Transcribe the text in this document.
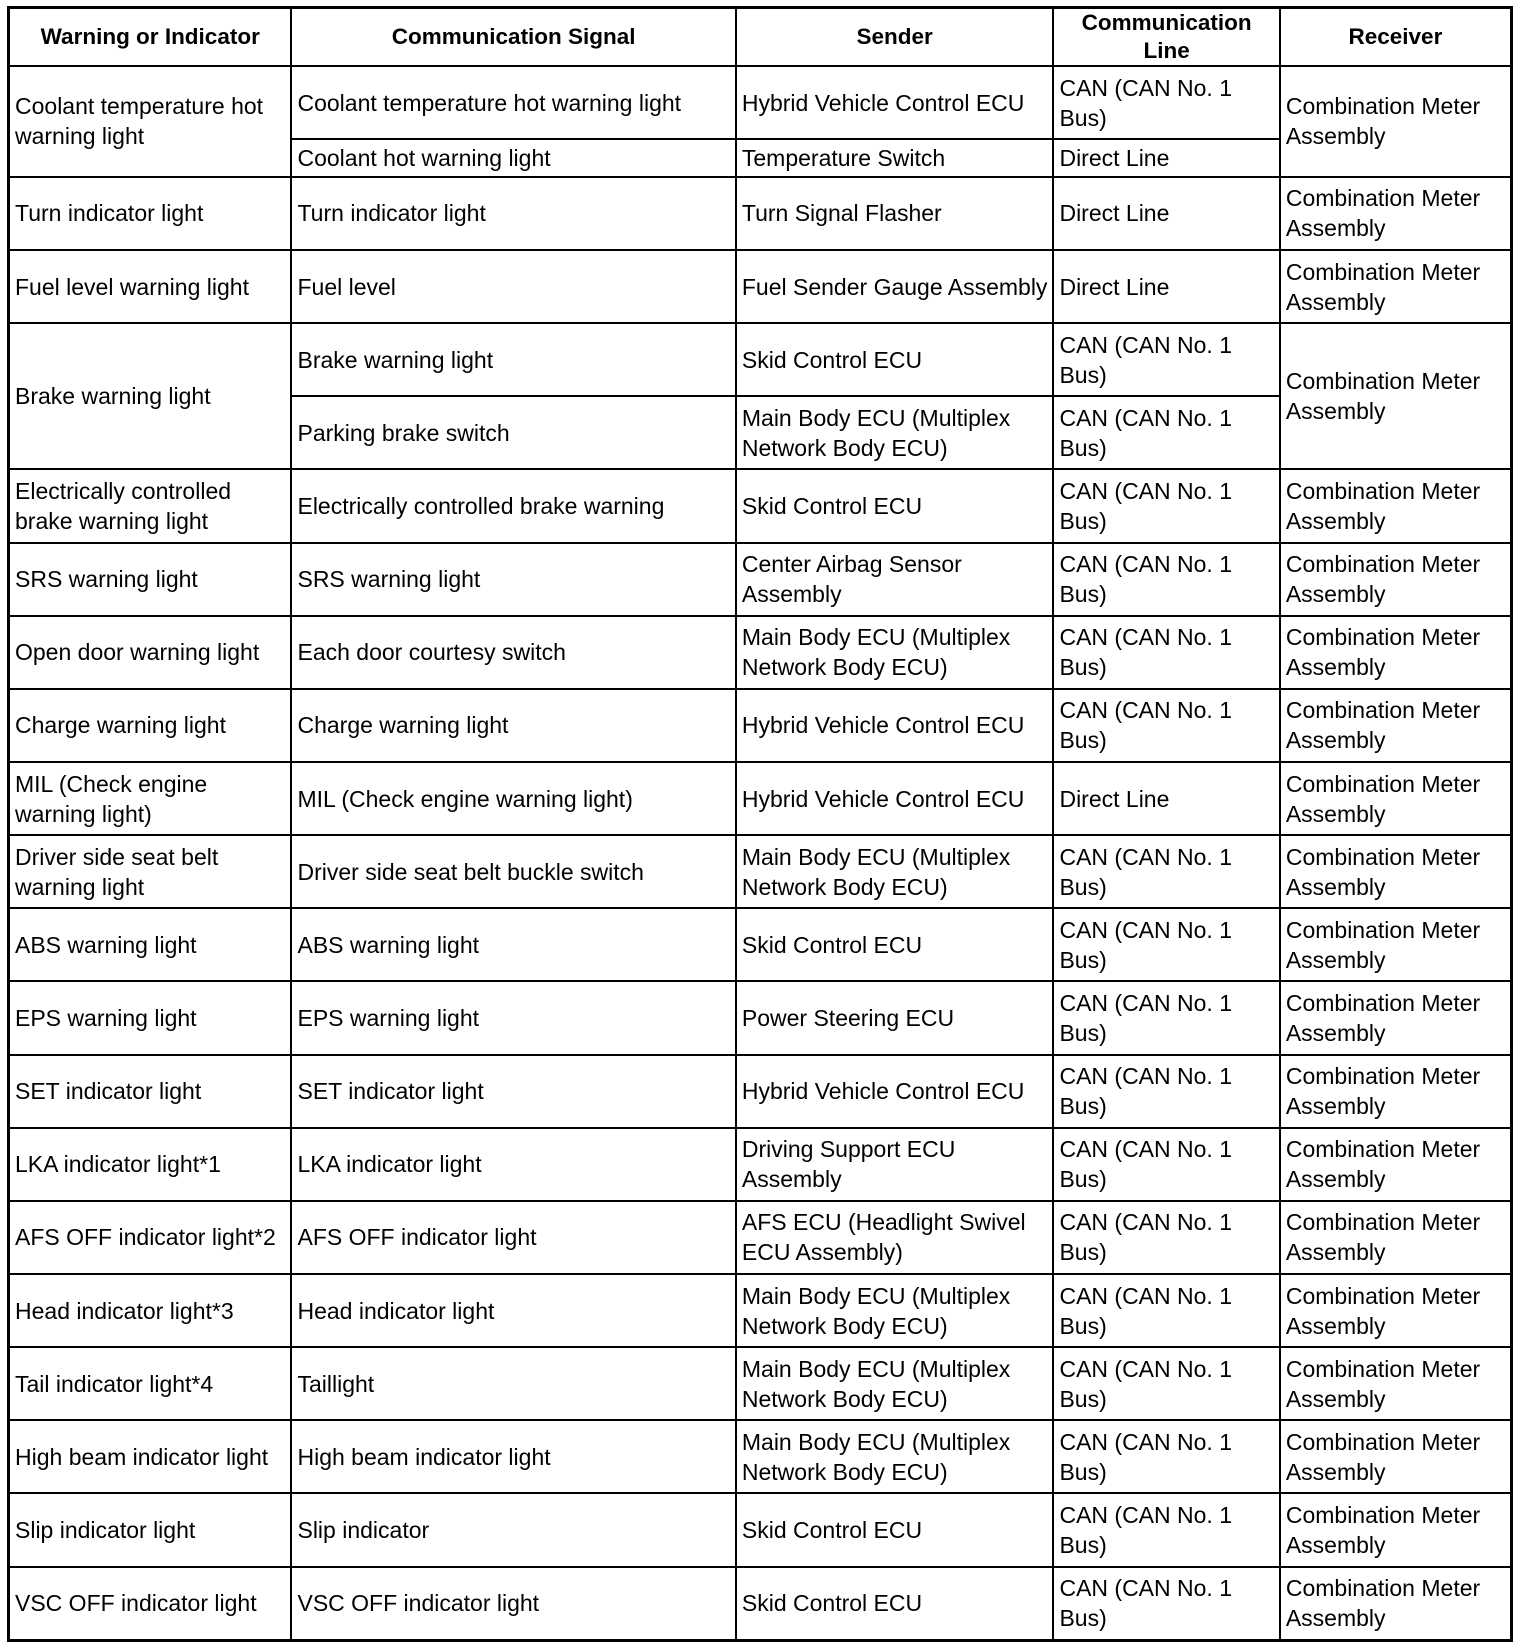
Warning or Indicator	Communication Signal	Sender	Communication Line	Receiver
Coolant temperature hot warning light	Coolant temperature hot warning light	Hybrid Vehicle Control ECU	CAN (CAN No. 1 Bus)	Combination Meter Assembly
	Coolant hot warning light	Temperature Switch	Direct Line	
Turn indicator light	Turn indicator light	Turn Signal Flasher	Direct Line	Combination Meter Assembly
Fuel level warning light	Fuel level	Fuel Sender Gauge Assembly	Direct Line	Combination Meter Assembly
Brake warning light	Brake warning light	Skid Control ECU	CAN (CAN No. 1 Bus)	Combination Meter Assembly
	Parking brake switch	Main Body ECU (Multiplex Network Body ECU)	CAN (CAN No. 1 Bus)	
Electrically controlled brake warning light	Electrically controlled brake warning	Skid Control ECU	CAN (CAN No. 1 Bus)	Combination Meter Assembly
SRS warning light	SRS warning light	Center Airbag Sensor Assembly	CAN (CAN No. 1 Bus)	Combination Meter Assembly
Open door warning light	Each door courtesy switch	Main Body ECU (Multiplex Network Body ECU)	CAN (CAN No. 1 Bus)	Combination Meter Assembly
Charge warning light	Charge warning light	Hybrid Vehicle Control ECU	CAN (CAN No. 1 Bus)	Combination Meter Assembly
MIL (Check engine warning light)	MIL (Check engine warning light)	Hybrid Vehicle Control ECU	Direct Line	Combination Meter Assembly
Driver side seat belt warning light	Driver side seat belt buckle switch	Main Body ECU (Multiplex Network Body ECU)	CAN (CAN No. 1 Bus)	Combination Meter Assembly
ABS warning light	ABS warning light	Skid Control ECU	CAN (CAN No. 1 Bus)	Combination Meter Assembly
EPS warning light	EPS warning light	Power Steering ECU	CAN (CAN No. 1 Bus)	Combination Meter Assembly
SET indicator light	SET indicator light	Hybrid Vehicle Control ECU	CAN (CAN No. 1 Bus)	Combination Meter Assembly
LKA indicator light*1	LKA indicator light	Driving Support ECU Assembly	CAN (CAN No. 1 Bus)	Combination Meter Assembly
AFS OFF indicator light*2	AFS OFF indicator light	AFS ECU (Headlight Swivel ECU Assembly)	CAN (CAN No. 1 Bus)	Combination Meter Assembly
Head indicator light*3	Head indicator light	Main Body ECU (Multiplex Network Body ECU)	CAN (CAN No. 1 Bus)	Combination Meter Assembly
Tail indicator light*4	Taillight	Main Body ECU (Multiplex Network Body ECU)	CAN (CAN No. 1 Bus)	Combination Meter Assembly
High beam indicator light	High beam indicator light	Main Body ECU (Multiplex Network Body ECU)	CAN (CAN No. 1 Bus)	Combination Meter Assembly
Slip indicator light	Slip indicator	Skid Control ECU	CAN (CAN No. 1 Bus)	Combination Meter Assembly
VSC OFF indicator light	VSC OFF indicator light	Skid Control ECU	CAN (CAN No. 1 Bus)	Combination Meter Assembly
